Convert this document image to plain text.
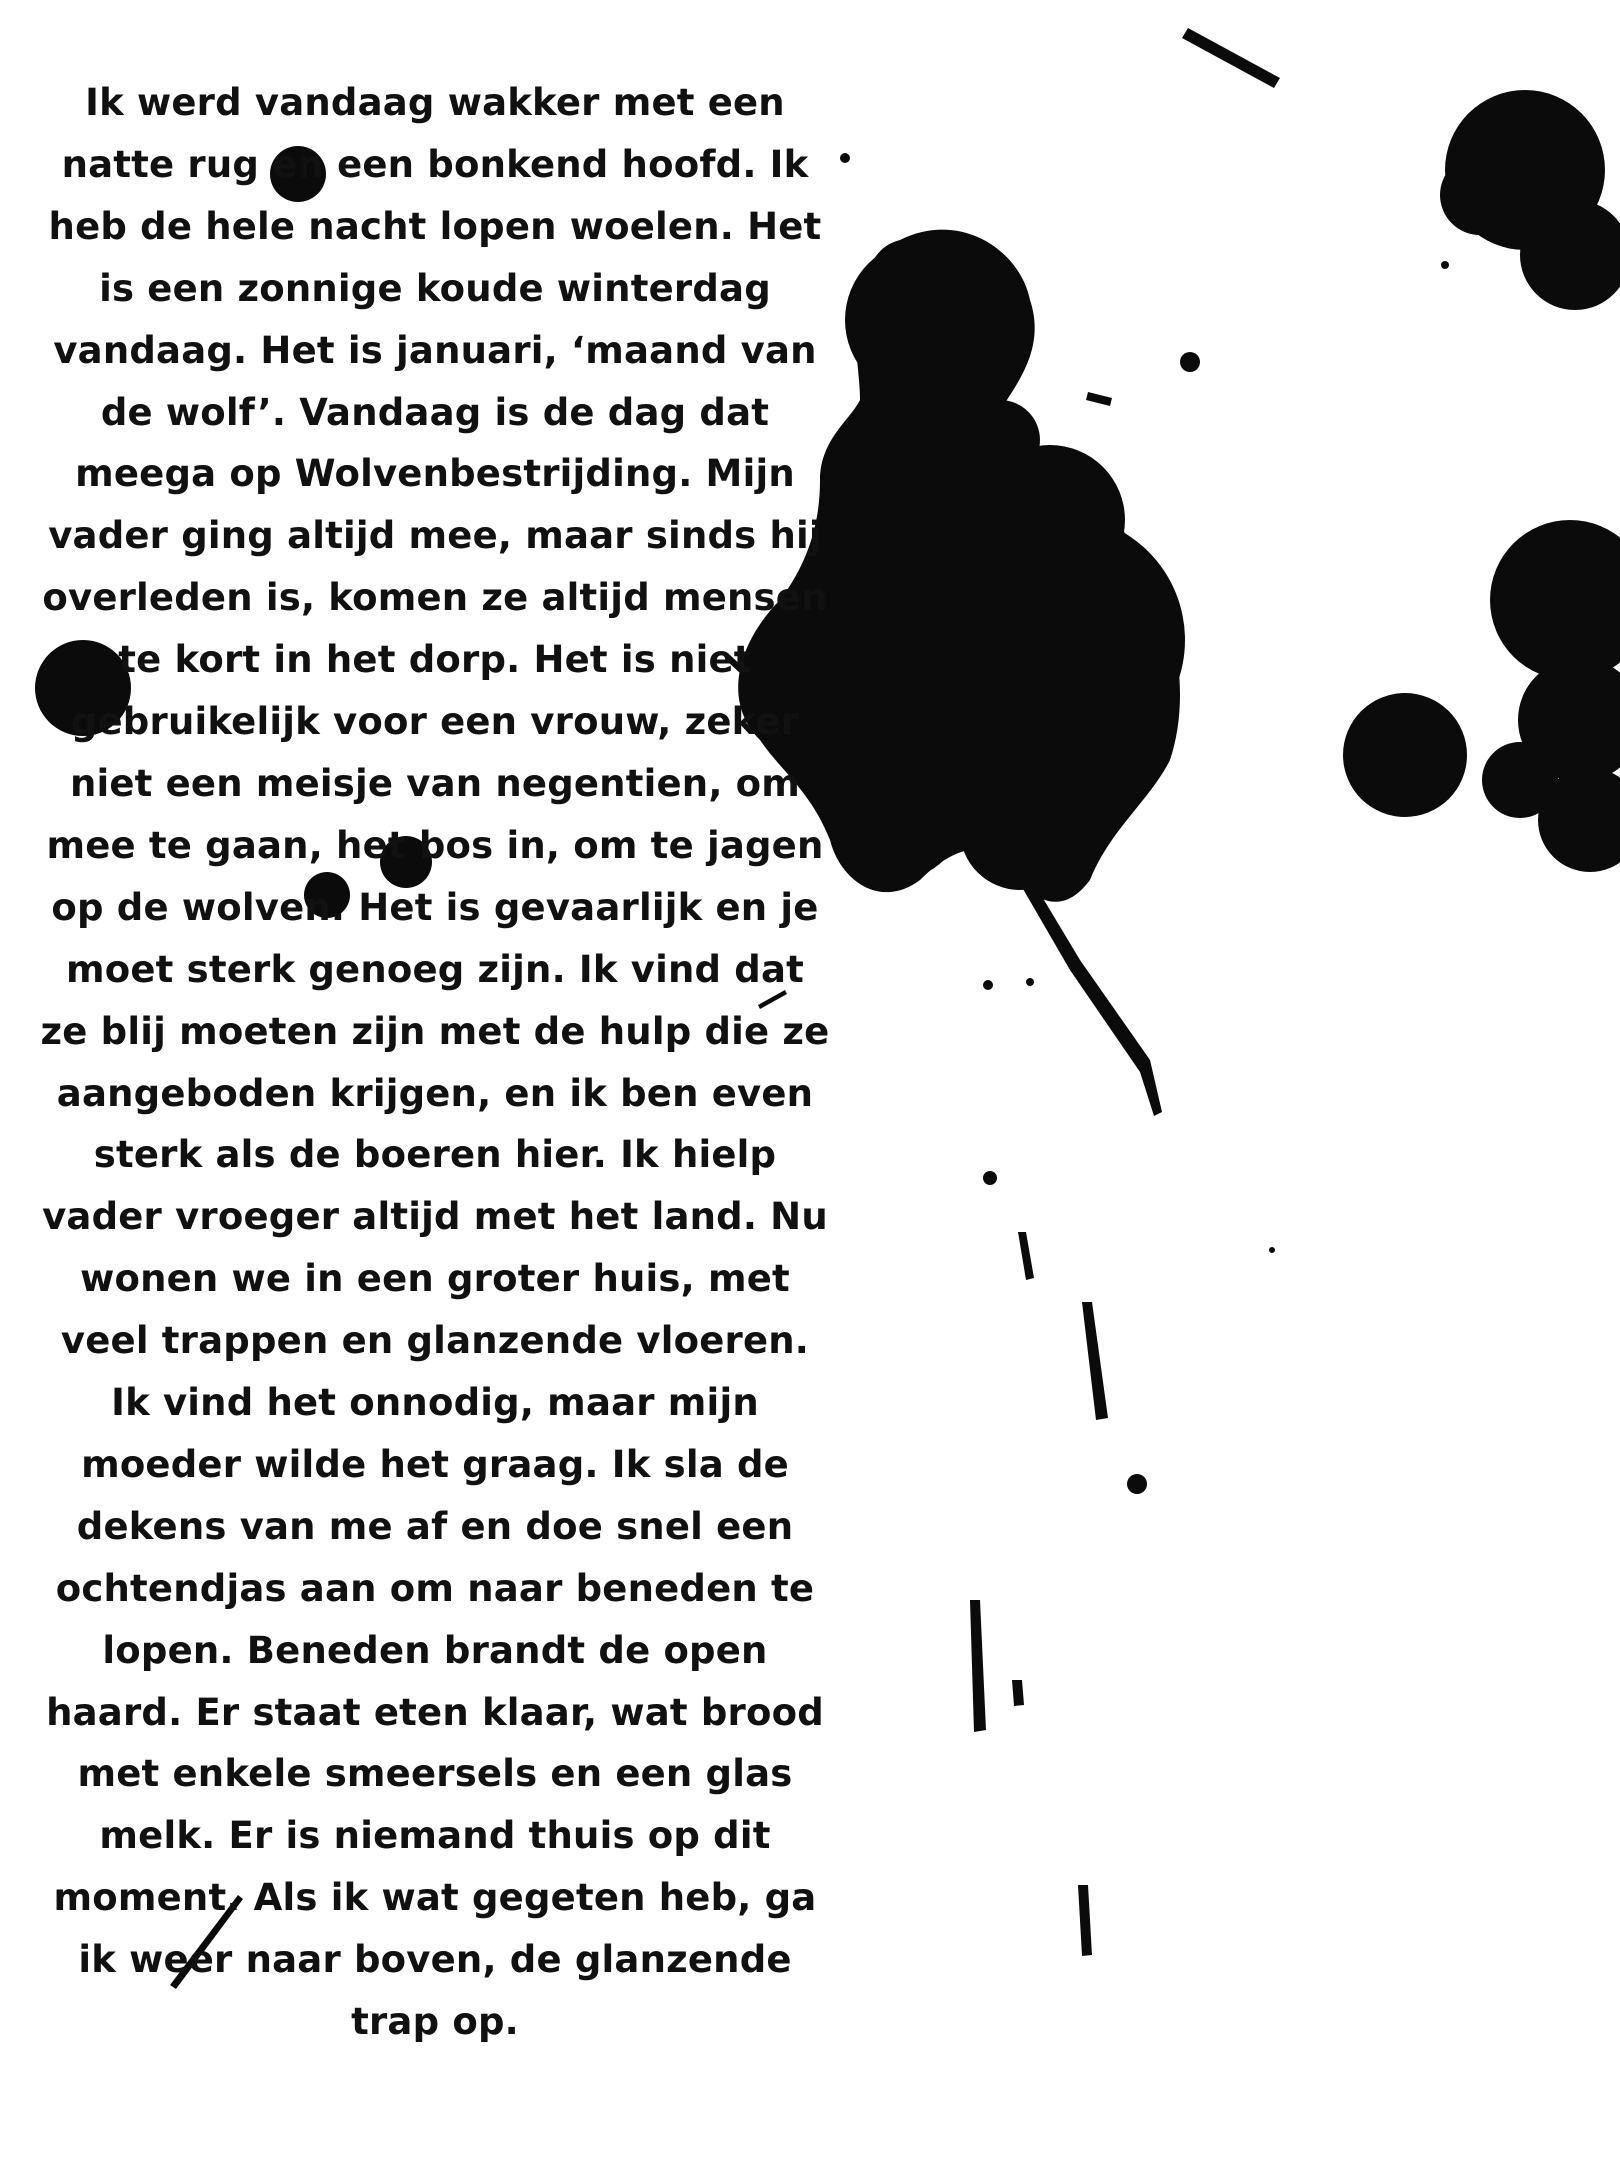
Ik werd vandaag wakker met een
natte rug en een bonkend hoofd. Ik
heb de hele nacht lopen woelen. Het
is een zonnige koude winterdag
vandaag. Het is januari, ‘maand van
de wolf’. Vandaag is de dag dat
meega op Wolvenbestrijding. Mijn
vader ging altijd mee, maar sinds hij
overleden is, komen ze altijd mensen
te kort in het dorp. Het is niet
gebruikelijk voor een vrouw, zeker
niet een meisje van negentien, om
mee te gaan, het bos in, om te jagen
op de wolven. Het is gevaarlijk en je
moet sterk genoeg zijn. Ik vind dat
ze blij moeten zijn met de hulp die ze
aangeboden krijgen, en ik ben even
sterk als de boeren hier. Ik hielp
vader vroeger altijd met het land. Nu
wonen we in een groter huis, met
veel trappen en glanzende vloeren.
Ik vind het onnodig, maar mijn
moeder wilde het graag. Ik sla de
dekens van me af en doe snel een
ochtendjas aan om naar beneden te
lopen. Beneden brandt de open
haard. Er staat eten klaar, wat brood
met enkele smeersels en een glas
melk. Er is niemand thuis op dit
moment. Als ik wat gegeten heb, ga
ik weer naar boven, de glanzende
trap op.
